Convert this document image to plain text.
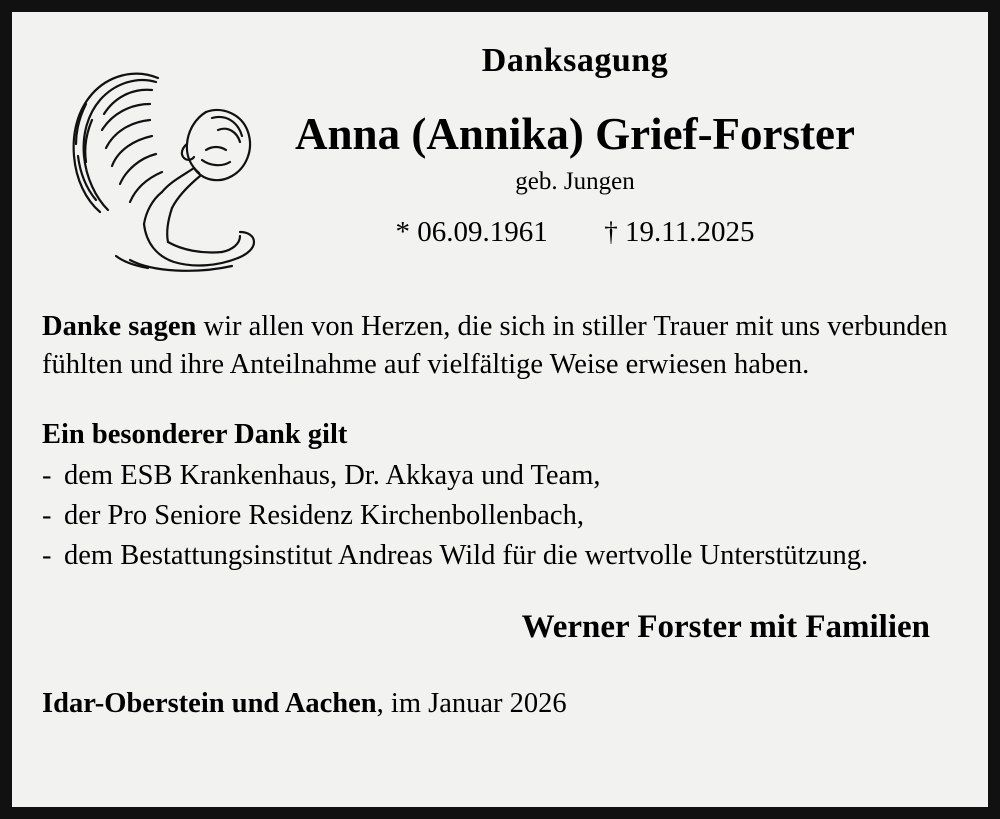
Danksagung
Anna (Annika) Grief-Forster
geb. Jungen
* 06.09.1961 † 19.11.2025

Danke sagen wir allen von Herzen, die sich in stiller Trauer mit uns verbunden fühlten und ihre Anteilnahme auf vielfältige Weise erwiesen haben.

Ein besonderer Dank gilt
- dem ESB Krankenhaus, Dr. Akkaya und Team,
- der Pro Seniore Residenz Kirchenbollenbach,
- dem Bestattungsinstitut Andreas Wild für die wertvolle Unterstützung.
Werner Forster mit Familien
Idar-Oberstein und Aachen, im Januar 2026
